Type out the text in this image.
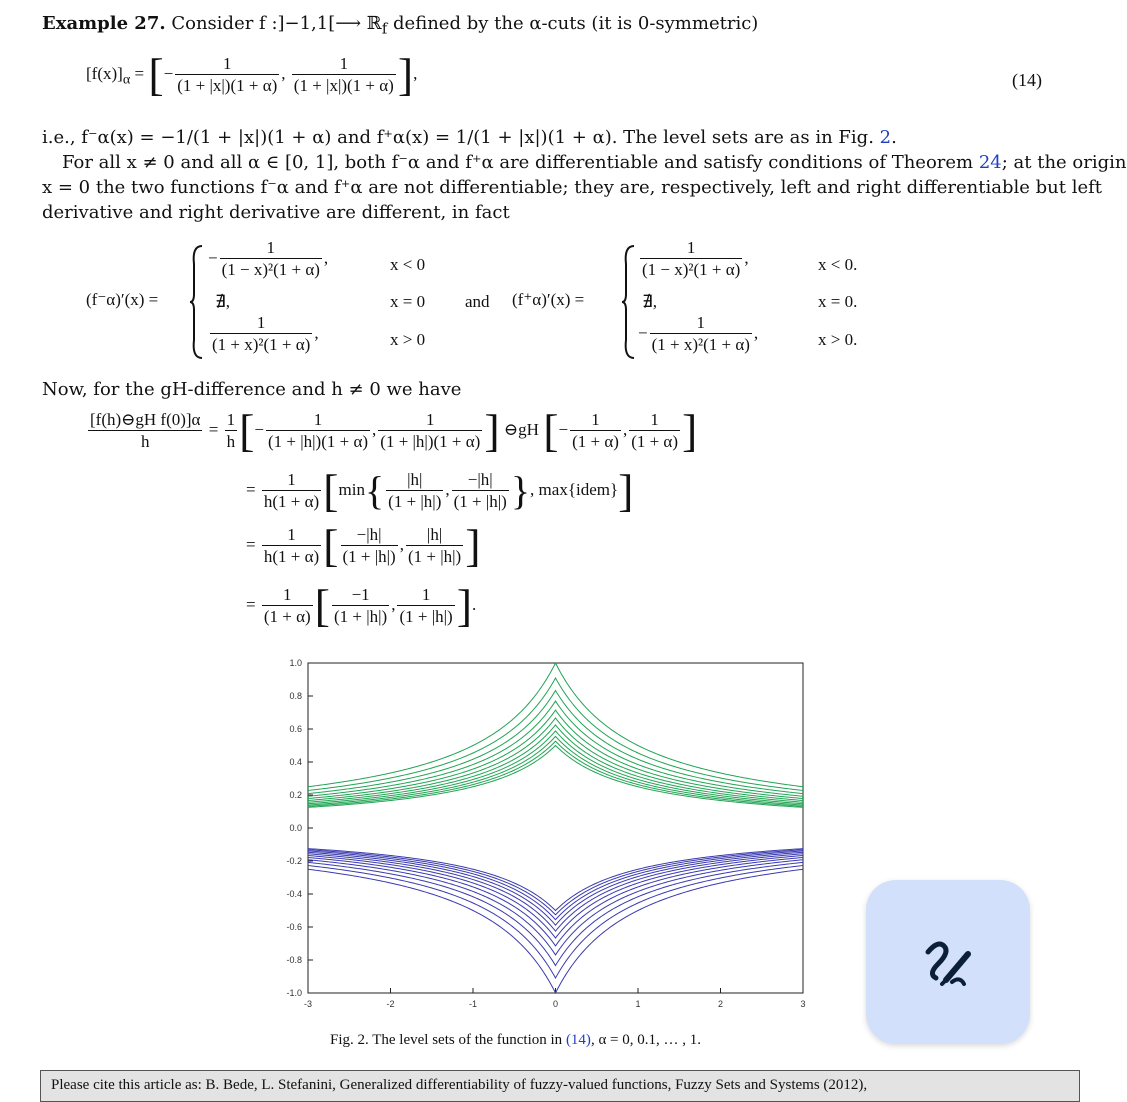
Example 27. Consider f :]−1,1[⟶ ℝ$_f$ defined by the α-cuts (it is 0-symmetric)
$[f(x)]_\alpha$ = [− $\frac{1}{(1 + |x|)(1 + \alpha)}$ , $\frac{1}{(1 + |x|)(1 + \alpha)}$ ],	(14)
i.e., f⁻α(x) = −1/(1 + |x|)(1 + α) and f⁺α(x) = 1/(1 + |x|)(1 + α). The level sets are as in Fig. 2.
For all x ≠ 0 and all α ∈ [0, 1], both f⁻α and f⁺α are differentiable and satisfy conditions of Theorem 24; at the origin
x = 0 the two functions f⁻α and f⁺α are not differentiable; they are, respectively, left and right differentiable but left
derivative and right derivative are different, in fact
(f⁻α)′(x) =
− $\frac{1}{\text{(1 − x)²(1 + α)}}$ ,	x < 0
∄,	x = 0
$\frac{1}{\text{(1 + x)²(1 + α)}}$ ,	x > 0
and (f⁺α)′(x) =
$\frac{1}{\text{(1 − x)²(1 + α)}}$ ,	x < 0.
∄,	x = 0.
− $\frac{1}{\text{(1 + x)²(1 + α)}}$ ,	x > 0.
Now, for the gH-difference and h ≠ 0 we have
$\frac{\text{[f(h)⊖gH f(0)]α}}{h} = \frac{1}{h}$ [− $\frac{1}{(1 + |h|)(1 + \alpha)}$ , $\frac{1}{(1 + |h|)(1 + \alpha)}$ ] ⊖gH [− $\frac{1}{(1 + \alpha)}$ , $\frac{1}{(1 + \alpha)}$ ]
= $\frac{1}{h(1 + \alpha)} [\min\{ \frac{|h|}{(1 + |h|)}$ , $\frac{-|h|}{(1 + |h|)}$ }, max{idem}]
= $\frac{1}{h(1 + \alpha)}$ [ $\frac{-|h|}{(1 + |h|)}$ , $\frac{|h|}{(1 + |h|)}$ ]
= $\frac{1}{(1 + \alpha)}$ [ $\frac{-1}{(1 + |h|)}$ , $\frac{1}{(1 + |h|)}$ ].
-3	-2	-1	0	1	2	3
1.0
0.8
0.6
0.4
0.2
0.0
-0.2
-0.4
-0.6
-0.8
-1.0
Fig. 2. The level sets of the function in (14), α = 0, 0.1, … , 1.
Please cite this article as: B. Bede, L. Stefanini, Generalized differentiability of fuzzy-valued functions, Fuzzy Sets and Systems (2012),
